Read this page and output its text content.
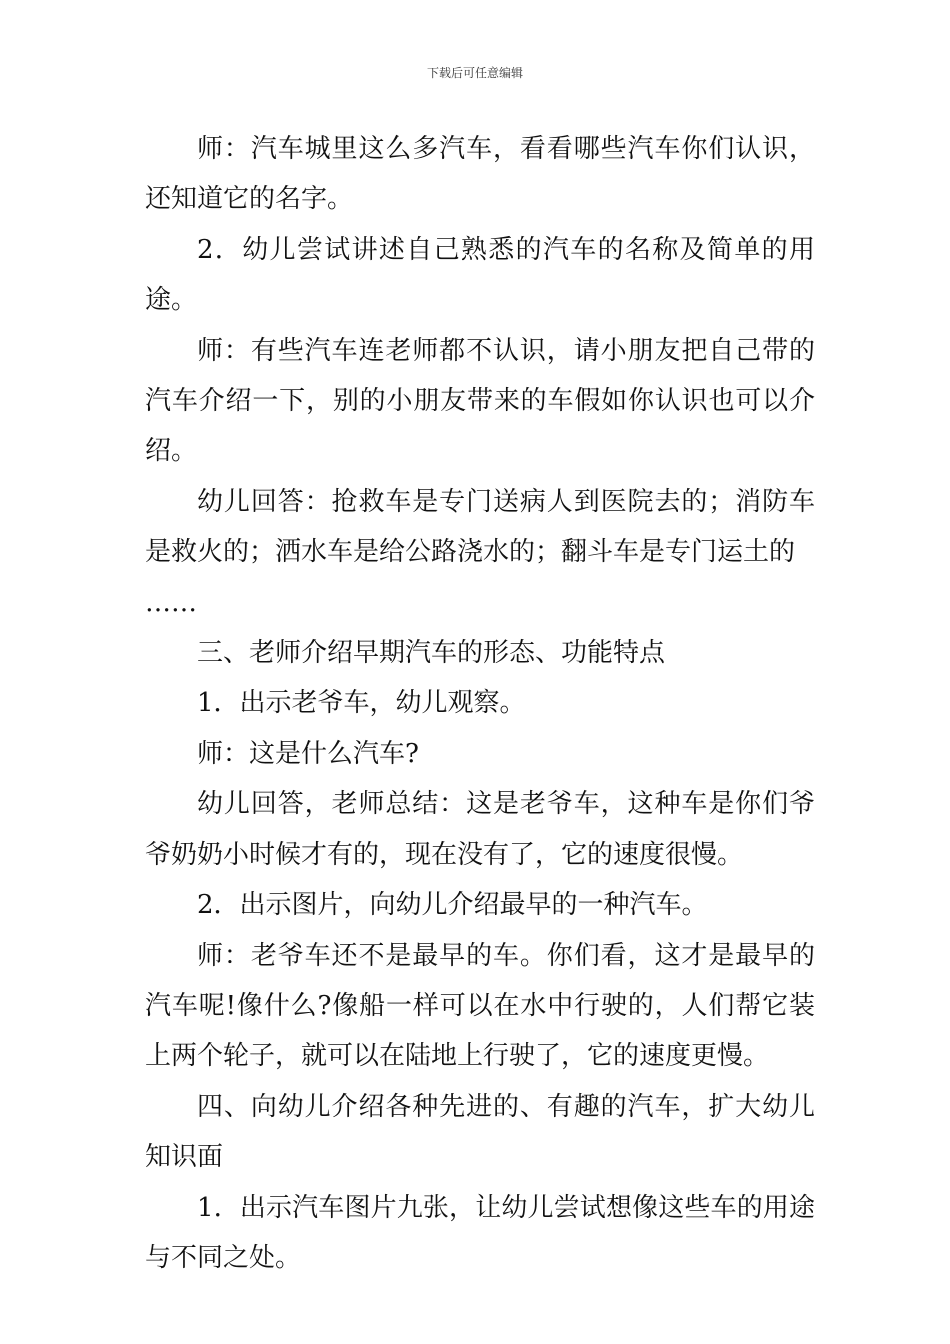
下载后可任意编辑

师：汽车城里这么多汽车，看看哪些汽车你们认识，还知道它的名字。

2．幼儿尝试讲述自己熟悉的汽车的名称及简单的用途。

师：有些汽车连老师都不认识，请小朋友把自己带的汽车介绍一下，别的小朋友带来的车假如你认识也可以介绍。

幼儿回答：抢救车是专门送病人到医院去的；消防车是救火的；洒水车是给公路浇水的；翻斗车是专门运土的

……

三、老师介绍早期汽车的形态、功能特点

1．出示老爷车，幼儿观察。

师：这是什么汽车?

幼儿回答，老师总结：这是老爷车，这种车是你们爷爷奶奶小时候才有的，现在没有了，它的速度很慢。

2．出示图片，向幼儿介绍最早的一种汽车。

师：老爷车还不是最早的车。你们看，这才是最早的汽车呢!像什么?像船一样可以在水中行驶的，人们帮它装上两个轮子，就可以在陆地上行驶了，它的速度更慢。

四、向幼儿介绍各种先进的、有趣的汽车，扩大幼儿知识面

1．出示汽车图片九张，让幼儿尝试想像这些车的用途与不同之处。
